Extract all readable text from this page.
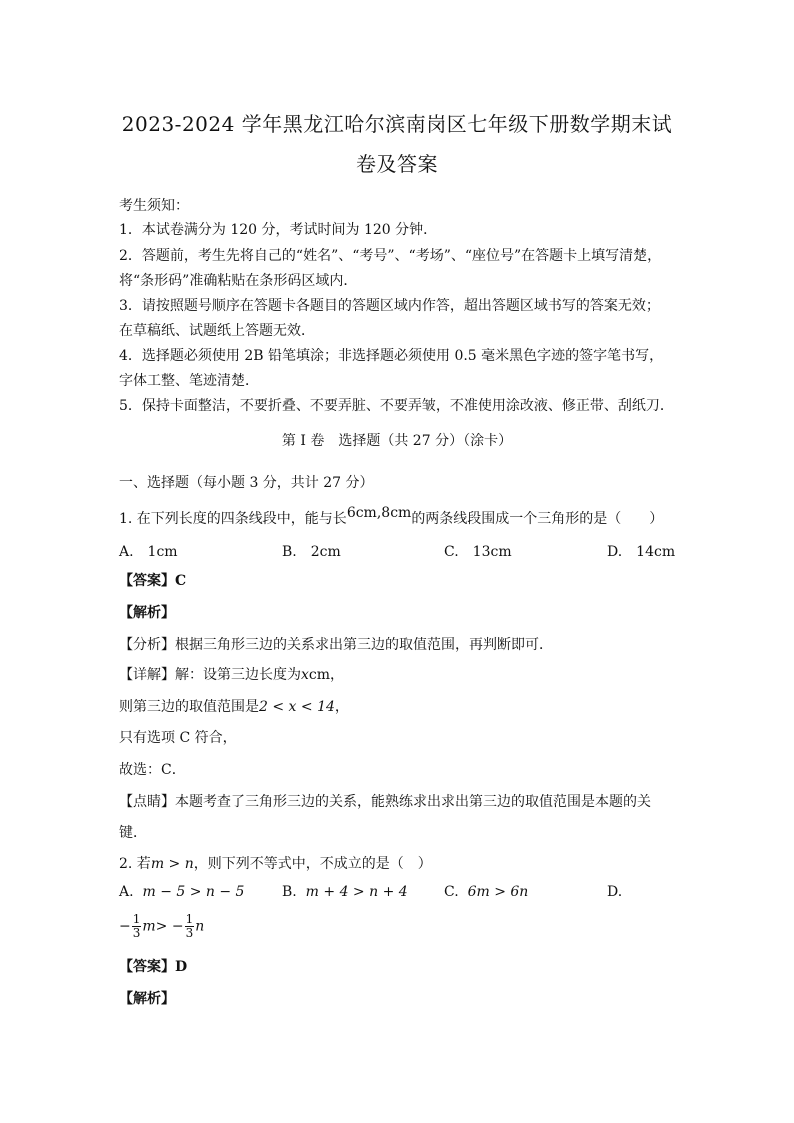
2023-2024 学年黑龙江哈尔滨南岗区七年级下册数学期末试
卷及答案
考生须知：
1．本试卷满分为 120 分，考试时间为 120 分钟．
2．答题前，考生先将自己的“姓名”、“考号”、“考场”、“座位号”在答题卡上填写清楚，
将“条形码”准确粘贴在条形码区域内．
3．请按照题号顺序在答题卡各题目的答题区域内作答，超出答题区域书写的答案无效；
在草稿纸、试题纸上答题无效．
4．选择题必须使用 2B 铅笔填涂；非选择题必须使用 0.5 毫米黑色字迹的签字笔书写，
字体工整、笔迹清楚．
5．保持卡面整洁，不要折叠、不要弄脏、不要弄皱，不准使用涂改液、修正带、刮纸刀．
第 I 卷　选择题（共 27 分）（涂卡）
一、选择题（每小题 3 分，共计 27 分）
1. 在下列长度的四条线段中，能与长6cm,8cm的两条线段围成一个三角形的是（　　）
A.　1cm	B.　2cm	C.　13cm	D.　14cm
【答案】C
【解析】
【分析】根据三角形三边的关系求出第三边的取值范围，再判断即可．
【详解】解：设第三边长度为xcm，
则第三边的取值范围是2 < x < 14，
只有选项 C 符合，
故选：C．
【点睛】本题考查了三角形三边的关系，能熟练求出求出第三边的取值范围是本题的关
键．
2. 若m > n，则下列不等式中，不成立的是（　）
A. m − 5 > n − 5	B. m + 4 > n + 4	C. 6m > 6n	D.
− $\frac{1}{3} m> - \frac{1}{3}$ n
【答案】D
【解析】
